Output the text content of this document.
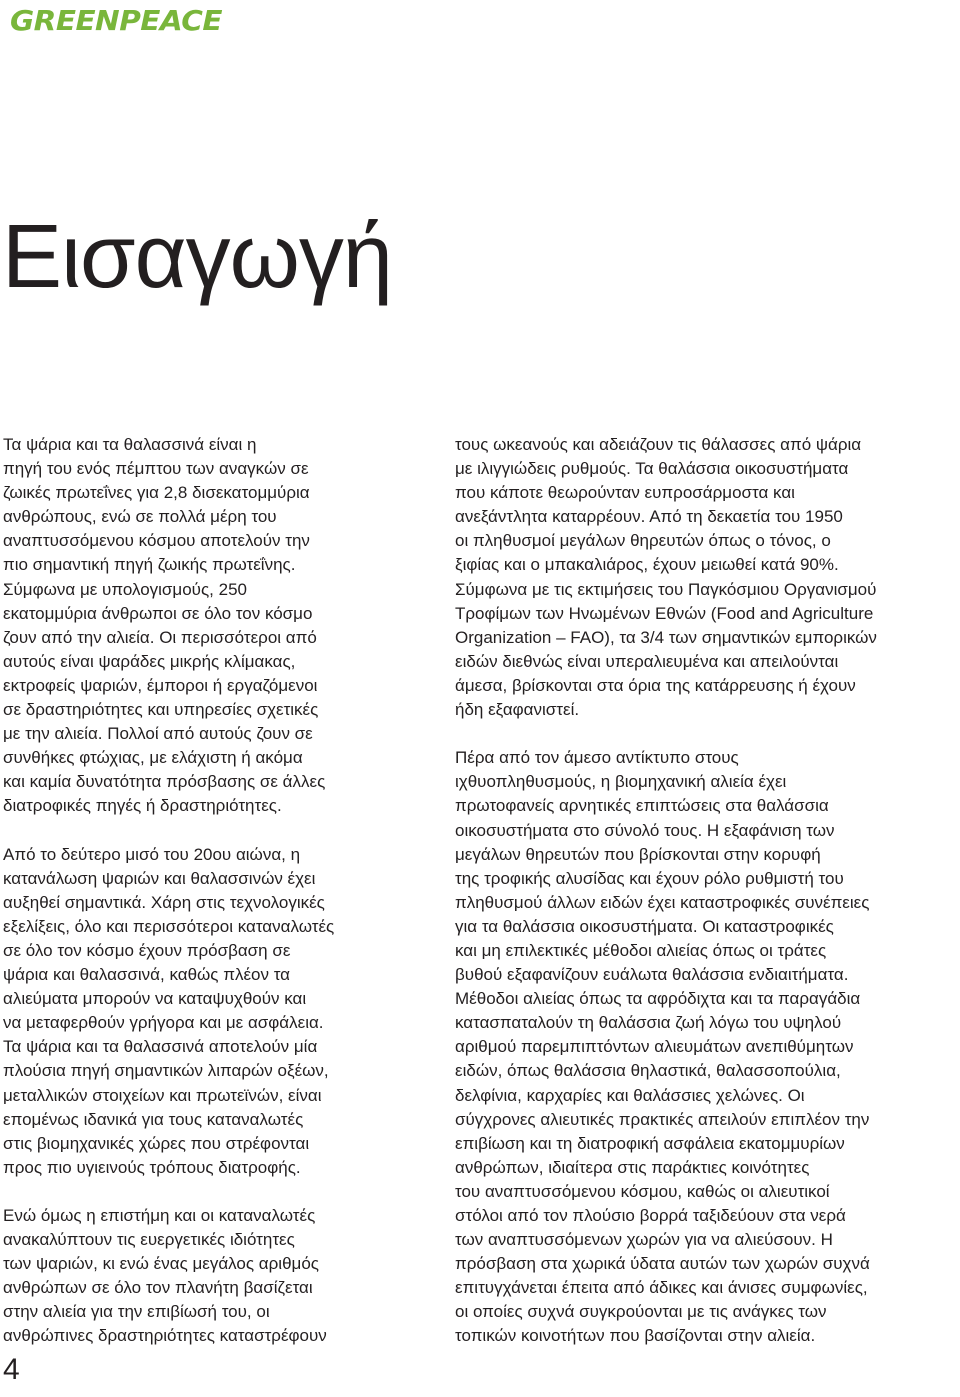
GREENPEACE
Εισαγωγή
Τα ψάρια και τα θαλασσινά είναι η
πηγή του ενός πέμπτου των αναγκών σε
ζωικές πρωτεΐνες για 2,8 δισεκατομμύρια
ανθρώπους, ενώ σε πολλά μέρη του
αναπτυσσόμενου κόσμου αποτελούν την
πιο σημαντική πηγή ζωικής πρωτεΐνης.
Σύμφωνα με υπολογισμούς, 250
εκατομμύρια άνθρωποι σε όλο τον κόσμο
ζουν από την αλιεία. Οι περισσότεροι από
αυτούς είναι ψαράδες μικρής κλίμακας,
εκτροφείς ψαριών, έμποροι ή εργαζόμενοι
σε δραστηριότητες και υπηρεσίες σχετικές
με την αλιεία. Πολλοί από αυτούς ζουν σε
συνθήκες φτώχιας, με ελάχιστη ή ακόμα
και καμία δυνατότητα πρόσβασης σε άλλες
διατροφικές πηγές ή δραστηριότητες.
Από το δεύτερο μισό του 20ου αιώνα, η
κατανάλωση ψαριών και θαλασσινών έχει
αυξηθεί σημαντικά. Χάρη στις τεχνολογικές
εξελίξεις, όλο και περισσότεροι καταναλωτές
σε όλο τον κόσμο έχουν πρόσβαση σε
ψάρια και θαλασσινά, καθώς πλέον τα
αλιεύματα μπορούν να καταψυχθούν και
να μεταφερθούν γρήγορα και με ασφάλεια.
Τα ψάρια και τα θαλασσινά αποτελούν μία
πλούσια πηγή σημαντικών λιπαρών οξέων,
μεταλλικών στοιχείων και πρωτεϊνών, είναι
επομένως ιδανικά για τους καταναλωτές
στις βιομηχανικές χώρες που στρέφονται
προς πιο υγιεινούς τρόπους διατροφής.
Ενώ όμως η επιστήμη και οι καταναλωτές
ανακαλύπτουν τις ευεργετικές ιδιότητες
των ψαριών, κι ενώ ένας μεγάλος αριθμός
ανθρώπων σε όλο τον πλανήτη βασίζεται
στην αλιεία για την επιβίωσή του, οι
ανθρώπινες δραστηριότητες καταστρέφουν
τους ωκεανούς και αδειάζουν τις θάλασσες από ψάρια
με ιλιγγιώδεις ρυθμούς. Τα θαλάσσια οικοσυστήματα
που κάποτε θεωρούνταν ευπροσάρμοστα και
ανεξάντλητα καταρρέουν. Από τη δεκαετία του 1950
οι πληθυσμοί μεγάλων θηρευτών όπως ο τόνος, ο
ξιφίας και ο μπακαλιάρος, έχουν μειωθεί κατά 90%.
Σύμφωνα με τις εκτιμήσεις του Παγκόσμιου Οργανισμού
Τροφίμων των Ηνωμένων Εθνών (Food and Agriculture
Organization – FAO), τα 3/4 των σημαντικών εμπορικών
ειδών διεθνώς είναι υπεραλιευμένα και απειλούνται
άμεσα, βρίσκονται στα όρια της κατάρρευσης ή έχουν
ήδη εξαφανιστεί.
Πέρα από τον άμεσο αντίκτυπο στους
ιχθυοπληθυσμούς, η βιομηχανική αλιεία έχει
πρωτοφανείς αρνητικές επιπτώσεις στα θαλάσσια
οικοσυστήματα στο σύνολό τους. Η εξαφάνιση των
μεγάλων θηρευτών που βρίσκονται στην κορυφή
της τροφικής αλυσίδας και έχουν ρόλο ρυθμιστή του
πληθυσμού άλλων ειδών έχει καταστροφικές συνέπειες
για τα θαλάσσια οικοσυστήματα. Οι καταστροφικές
και μη επιλεκτικές μέθοδοι αλιείας όπως οι τράτες
βυθού εξαφανίζουν ευάλωτα θαλάσσια ενδιαιτήματα.
Μέθοδοι αλιείας όπως τα αφρόδιχτα και τα παραγάδια
κατασπαταλούν τη θαλάσσια ζωή λόγω του υψηλού
αριθμού παρεμπιπτόντων αλιευμάτων ανεπιθύμητων
ειδών, όπως θαλάσσια θηλαστικά, θαλασσοπούλια,
δελφίνια, καρχαρίες και θαλάσσιες χελώνες. Οι
σύγχρονες αλιευτικές πρακτικές απειλούν επιπλέον την
επιβίωση και τη διατροφική ασφάλεια εκατομμυρίων
ανθρώπων, ιδιαίτερα στις παράκτιες κοινότητες
του αναπτυσσόμενου κόσμου, καθώς οι αλιευτικοί
στόλοι από τον πλούσιο βορρά ταξιδεύουν στα νερά
των αναπτυσσόμενων χωρών για να αλιεύσουν. Η
πρόσβαση στα χωρικά ύδατα αυτών των χωρών συχνά
επιτυγχάνεται έπειτα από άδικες και άνισες συμφωνίες,
οι οποίες συχνά συγκρούονται με τις ανάγκες των
τοπικών κοινοτήτων που βασίζονται στην αλιεία.
4
